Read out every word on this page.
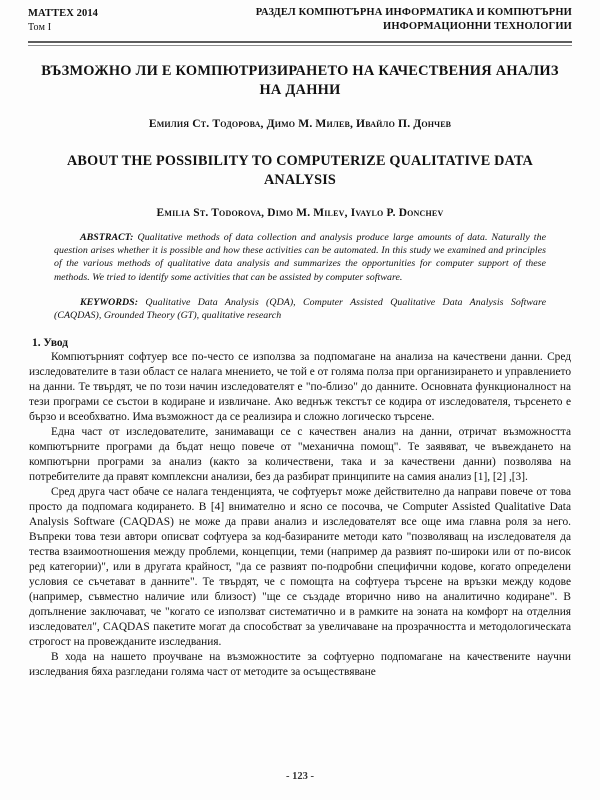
MATTEX 2014
Том I
РАЗДЕЛ КОМПЮТЪРНА ИНФОРМАТИКА И КОМПЮТЪРНИ
ИНФОРМАЦИОННИ ТЕХНОЛОГИИ
ВЪЗМОЖНО ЛИ Е КОМПЮТРИЗИРАНЕТО НА КАЧЕСТВЕНИЯ АНАЛИЗ НА ДАННИ
Емилия Ст. Тодорова, Димо М. Милев, Ивайло П. Дончев
ABOUT THE POSSIBILITY TO COMPUTERIZE QUALITATIVE DATA ANALYSIS
Emilia St. Todorova, Dimo M. Milev, Ivaylo P. Donchev

ABSTRACT: Qualitative methods of data collection and analysis produce large amounts of data. Naturally the question arises whether it is possible and how these activities can be automated. In this study we examined and principles of the various methods of qualitative data analysis and summarizes the opportunities for computer support of these methods. We tried to identify some activities that can be assisted by computer software.

KEYWORDS: Qualitative Data Analysis (QDA), Computer Assisted Qualitative Data Analysis Software (CAQDAS), Grounded Theory (GT), qualitative research

1. Увод

Компютърният софтуер все по-често се използва за подпомагане на анализа на качествени данни. Сред изследователите в тази област се налага мнението, че той е от голяма полза при организирането и управлението на данни. Те твърдят, че по този начин изследователят е "по-близо" до данните. Основната функционалност на тези програми се състои в кодиране и извличане. Ако веднъж текстът се кодира от изследователя, търсенето е бързо и всеобхватно. Има възможност да се реализира и сложно логическо търсене.

Една част от изследователите, занимаващи се с качествен анализ на данни, отричат възможността компютърните програми да бъдат нещо повече от "механична помощ". Те заявяват, че въвеждането на компютърни програми за анализ (както за количествени, така и за качествени данни) позволява на потребителите да правят комплексни анализи, без да разбират принципите на самия анализ [1], [2] ,[3].

Сред друга част обаче се налага тенденцията, че софтуерът може действително да направи повече от това просто да подпомага кодирането. В [4] внимателно и ясно се посочва, че Computer Assisted Qualitative Data Analysis Software (CAQDAS) не може да прави анализ и изследователят все още има главна роля за него. Въпреки това тези автори описват софтуера за код-базираните методи като "позволяващ на изследователя да тества взаимоотношения между проблеми, концепции, теми (например да развият по-широки или от по-висок ред категории)", или в другата крайност, "да се развият по-подробни специфични кодове, когато определени условия се съчетават в данните". Те твърдят, че с помощта на софтуера търсене на връзки между кодове (например, съвместно наличие или близост) "ще се създаде вторично ниво на аналитично кодиране". В допълнение заключават, че "когато се използват систематично и в рамките на зоната на комфорт на отделния изследовател", CAQDAS пакетите могат да способстват за увеличаване на прозрачността и методологическата строгост на провежданите изследвания.

В хода на нашето проучване на възможностите за софтуерно подпомагане на качествените научни изследвания бяха разгледани голяма част от методите за осъществяване

- 123 -
